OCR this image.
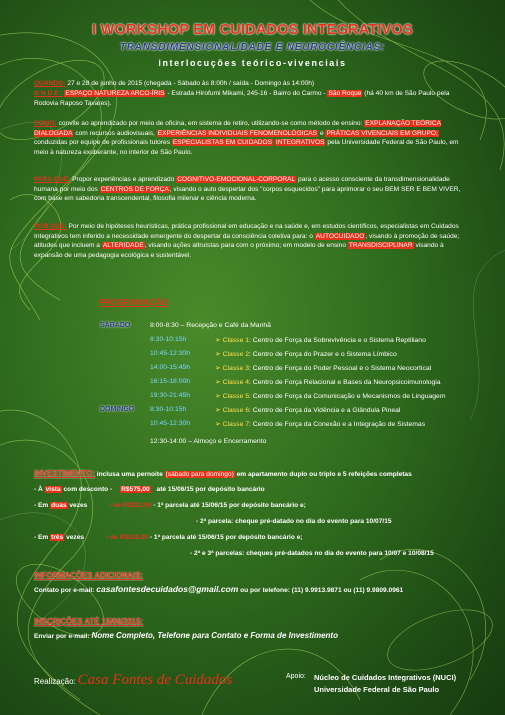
I WORKSHOP EM CUIDADOS INTEGRATIVOS
TRANSDIMENSIONALIDADE E NEUROCIÊNCIAS:
interlocuções teórico-vivenciais
QUANDO: 27 e 28 de junho de 2015 (chegada - Sábado às 8:00h / saída - Domingo às 14:00h)
O N D E : ESPAÇO NATUREZA ARCO-ÍRIS - Estrada Hirofumi Mikami, 245-16 - Bairro do Carmo - São Roque (há 40 km de São Paulo pela Rodovia Raposo Tavares).
COMO: convite ao aprendizado por meio de oficina, em sistema de retiro, utilizando-se como método de ensino: EXPLANAÇÃO TEÓRICA DIALOGADA com recursos audiovisuais, EXPERIÊNCIAS INDIVIDUAIS FENOMENOLÓGICAS e PRÁTICAS VIVENCIAIS EM GRUPO; conduzidas por equipe de profissionais tutores ESPECIALISTAS EM CUIDADOS INTEGRATIVOS pela Universidade Federal de São Paulo, em meio à natureza exuberante, no interior de São Paulo.
PARA QUE: Propor experiências e aprendizado COGNITIVO-EMOCIONAL-CORPORAL para o acesso consciente da transdimensionalidade humana por meio dos CENTROS DE FORÇA, visando o auto despertar dos "corpos esquecidos" para aprimorar o seu BEM SER E BEM VIVER, com base em sabedoria transcendental, filosofia milenar e ciência moderna.
POR QUE: Por meio de hipóteses heurísticas, prática profissional em educação e na saúde e, em estudos científicos, especialistas em Cuidados Integrativos tem inferido a necessidade emergente do despertar da consciência coletiva para: o AUTOCUIDADO, visando à promoção de saúde; atitudes que incluem a ALTERIDADE, visando ações altruístas para com o próximo; em modelo de ensino TRANSDISCIPLINAR visando à expansão de uma pedagogia ecológica e sustentável.
PROGRAMAÇÃO
SÁBADO	8:00-8:30 – Recepção e Café da Manhã
8:30-10:15h	➢ Classe 1: Centro de Força da Sobrevivência e o Sistema Reptiliano
10:45-12:30h	➢ Classe 2: Centro de Força do Prazer e o Sistema Límbico
14:00-15:45h	➢ Classe 3: Centro de Força do Poder Pessoal e o Sistema Neocortical
16:15-18:00h	➢ Classe 4: Centro de Força Relacional e Bases da Neuropsicoimunologia
19:30-21:45h	➢ Classe 5: Centro de Força da Comunicação e Mecanismos de Linguagem
DOMINGO 8:30-10:15h	➢ Classe 6: Centro de Força da Vidência e a Glândula Pineal
10:45-12:30h	➢ Classe 7: Centro de Força da Conexão e a Integração de Sistemas
12:30-14:00 – Almoço e Encerramento
INVESTIMENTO: inclusa uma pernoite (sábado para domingo) em apartamento duplo ou triplo e 5 refeições completas
- À vista com desconto - R$575,00 até 15/06/15 por depósito bancário
- Em duas vezes	- de R$323,00 - 1ª parcela até 15/06/15 por depósito bancário e;
- 2ª parcela: cheque pré-datado no dia do evento para 10/07/15
- Em três vezes	- de R$242,00 - 1ª parcela até 15/06/15 por depósito bancário e;
- 2ª e 3ª parcelas: cheques pré-datados no dia do evento para 10/07 e 10/08/15
INFORMAÇÕES ADICIONAIS:
Contato por e-mail: casafontesdecuidados@gmail.com ou por telefone: (11) 9.9913.9871 ou (11) 9.9809.0961
INSCRIÇÕES ATÉ 15/06/2015:
Enviar por e-mail: Nome Completo, Telefone para Contato e Forma de Investimento
Realização: Casa Fontes de Cuidados	Apoio: Núcleo de Cuidados Integrativos (NUCI)
Universidade Federal de São Paulo
